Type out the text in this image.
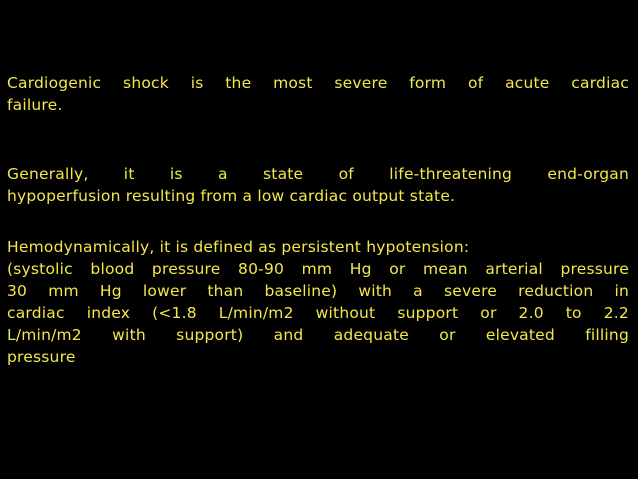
Cardiogenic shock is the most severe form of acute cardiac
failure.

Generally, it is a state of life-threatening end-organ
hypoperfusion resulting from a low cardiac output state.

Hemodynamically, it is defined as persistent hypotension:
(systolic blood pressure 80-90 mm Hg or mean arterial pressure
30 mm Hg lower than baseline) with a severe reduction in
cardiac index (<1.8 L/min/m2 without support or 2.0 to 2.2
L/min/m2 with support) and adequate or elevated filling
pressure
